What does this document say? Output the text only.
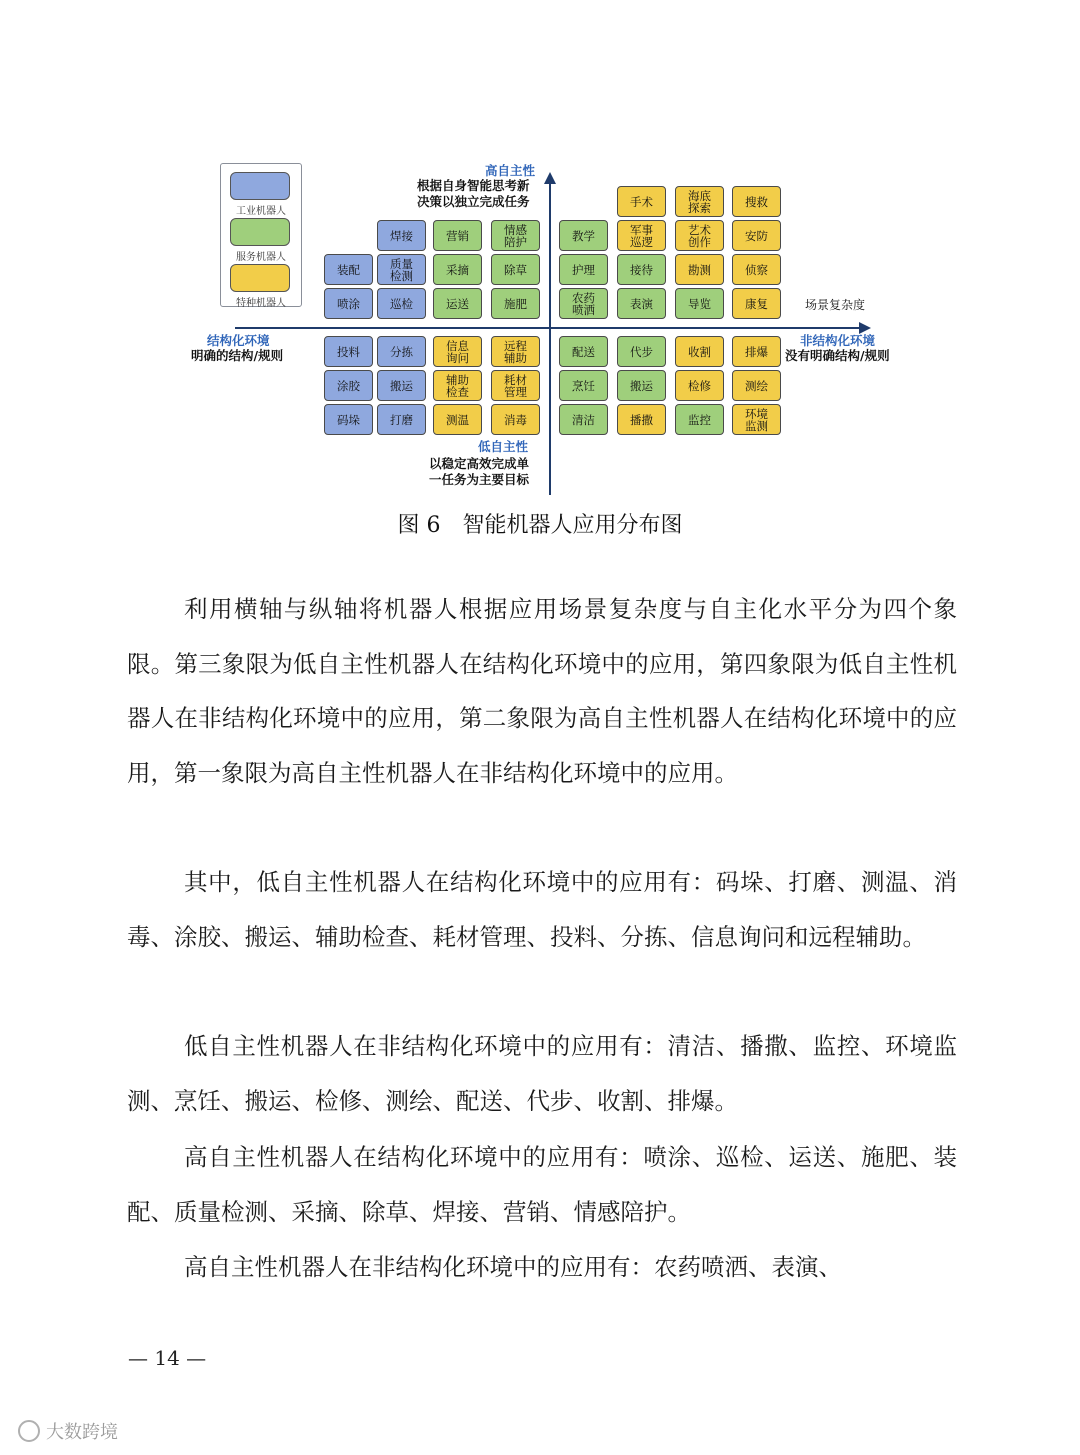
工业机器人
服务机器人
特种机器人
高自主性
根据自身智能思考新
决策以独立完成任务
结构化环境
明确的结构/规则
非结构化环境
没有明确结构/规则
低自主性
以稳定高效完成单
一任务为主要目标
场景复杂度
焊接	营销	情感
陪护
装配	质量
检测	采摘	除草
喷涂	巡检	运送	施肥
手术	海底
探索	搜救
教学	军事
巡逻
艺术
创作	安防
护理	接待	勘测	侦察
农药
喷洒	表演	导览	康复
投料	分拣	信息
询问
远程
辅助
涂胶	搬运	辅助
检查
耗材
管理
码垛	打磨	测温	消毒
配送	代步	收割	排爆
烹饪	搬运	检修	测绘
清洁	播撒	监控	环境
监测
图 6　智能机器人应用分布图

利用横轴与纵轴将机器人根据应用场景复杂度与自主化水平分为四个象限。第三象限为低自主性机器人在结构化环境中的应用，第四象限为低自主性机器人在非结构化环境中的应用，第二象限为高自主性机器人在结构化环境中的应用，第一象限为高自主性机器人在非结构化环境中的应用。

其中，低自主性机器人在结构化环境中的应用有：码垛、打磨、测温、消毒、涂胶、搬运、辅助检查、耗材管理、投料、分拣、信息询问和远程辅助。

低自主性机器人在非结构化环境中的应用有：清洁、播撒、监控、环境监测、烹饪、搬运、检修、测绘、配送、代步、收割、排爆。

高自主性机器人在结构化环境中的应用有：喷涂、巡检、运送、施肥、装配、质量检测、采摘、除草、焊接、营销、情感陪护。

高自主性机器人在非结构化环境中的应用有：农药喷洒、表演、

— 14 —
大数跨境
